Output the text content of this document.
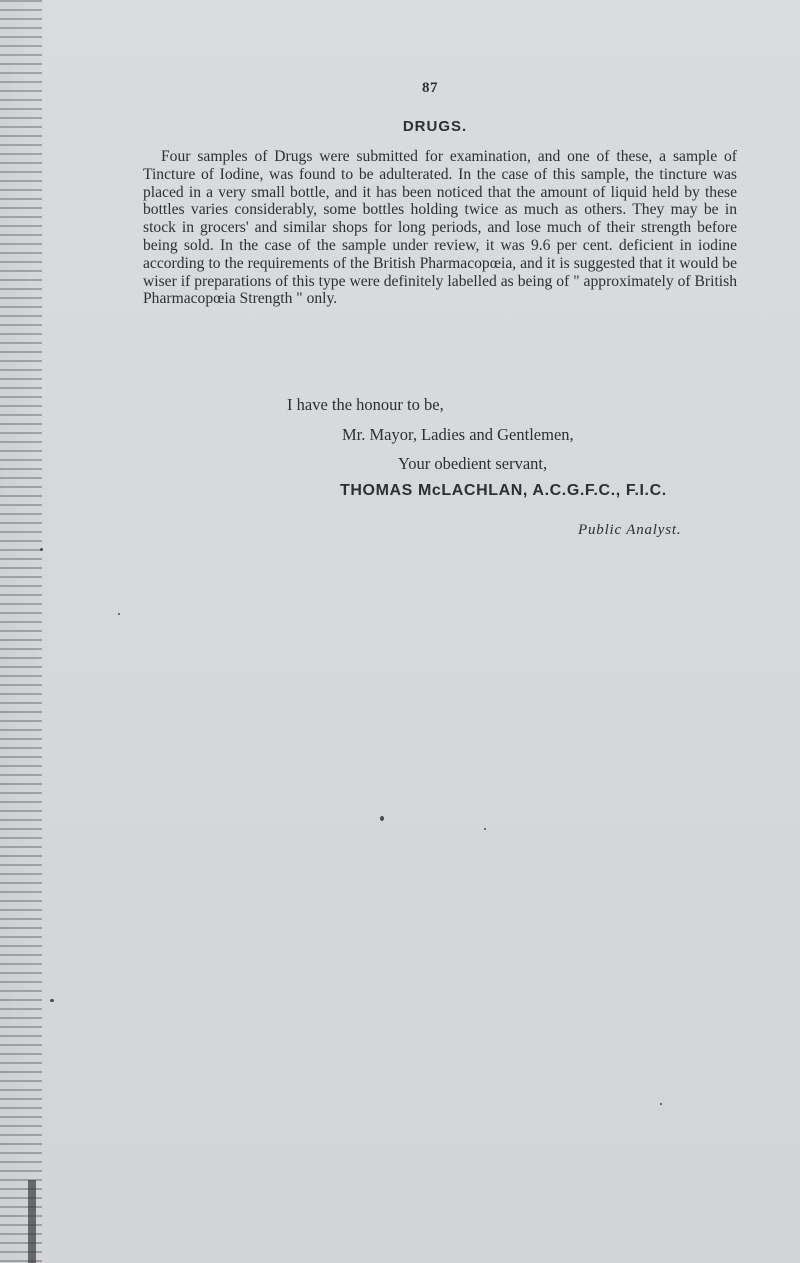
87
DRUGS.

Four samples of Drugs were submitted for examination, and one of these, a sample of Tincture of Iodine, was found to be adulterated. In the case of this sample, the tincture was placed in a very small bottle, and it has been noticed that the amount of liquid held by these bottles varies considerably, some bottles holding twice as much as others. They may be in stock in grocers' and similar shops for long periods, and lose much of their strength before being sold. In the case of the sample under review, it was 9.6 per cent. deficient in iodine according to the requirements of the British Pharmacopœia, and it is suggested that it would be wiser if preparations of this type were definitely labelled as being of " approximately of British Pharmacopœia Strength " only.

I have the honour to be,
Mr. Mayor, Ladies and Gentlemen,
Your obedient servant,
THOMAS McLACHLAN, A.C.G.F.C., F.I.C.
Public Analyst.
